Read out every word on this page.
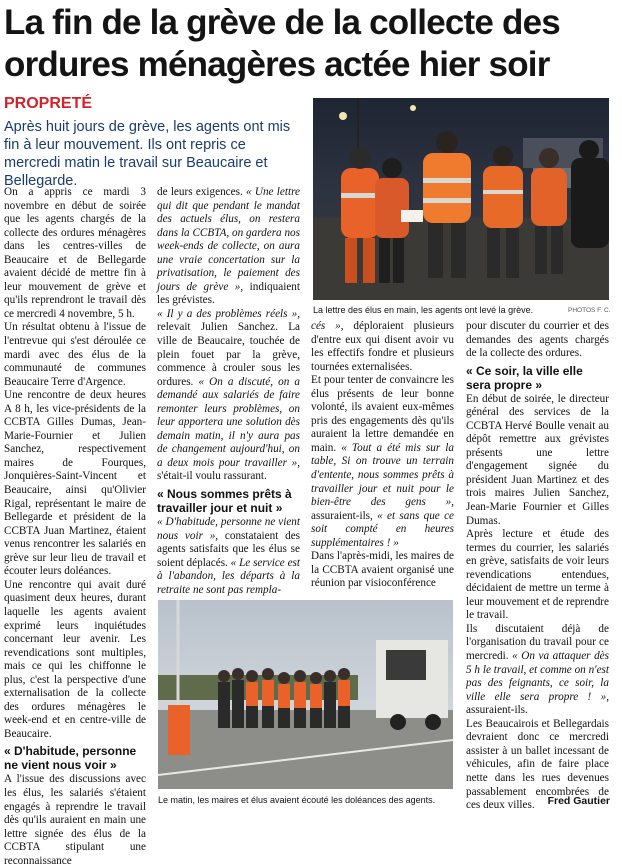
La fin de la grève de la collecte des ordures ménagères actée hier soir
PROPRETÉ

Après huit jours de grève, les agents ont mis fin à leur mouvement. Ils ont repris ce mercredi matin le travail sur Beaucaire et Bellegarde.

La lettre des élus en main, les agents ont levé la grève.	PHOTOS F. C.
Le matin, les maires et élus avaient écouté les doléances des agents.

On a appris ce mardi 3 novembre en début de soirée que les agents chargés de la collecte des ordures ménagères dans les centres-villes de Beaucaire et de Bellegarde avaient décidé de mettre fin à leur mouvement de grève et qu'ils reprendront le travail dès ce mercredi 4 novembre, 5 h.

Un résultat obtenu à l'issue de l'entrevue qui s'est déroulée ce mardi avec des élus de la communauté de communes Beaucaire Terre d'Argence.

Une rencontre de deux heures A 8 h, les vice-présidents de la CCBTA Gilles Dumas, Jean-Marie-Fournier et Julien Sanchez, respectivement maires de Fourques, Jonquières-Saint-Vincent et Beaucaire, ainsi qu'Olivier Rigal, représentant le maire de Bellegarde et président de la CCBTA Juan Martinez, étaient venus rencontrer les salariés en grève sur leur lieu de travail et écouter leurs doléances.

Une rencontre qui avait duré quasiment deux heures, durant laquelle les agents avaient exprimé leurs inquiétudes concernant leur avenir. Les revendications sont multiples, mais ce qui les chiffonne le plus, c'est la perspective d'une externalisation de la collecte des ordures ménagères le week-end et en centre-ville de Beaucaire.

« D'habitude, personne ne vient nous voir »

A l'issue des discussions avec les élus, les salariés s'étaient engagés à reprendre le travail dès qu'ils auraient en main une lettre signée des élus de la CCBTA stipulant une reconnaissance

de leurs exigences. « Une lettre qui dit que pendant le mandat des actuels élus, on restera dans la CCBTA, on gardera nos week-ends de collecte, on aura une vraie concertation sur la privatisation, le paiement des jours de grève », indiquaient les grévistes.

« Il y a des problèmes réels », relevait Julien Sanchez. La ville de Beaucaire, touchée de plein fouet par la grève, commence à crouler sous les ordures. « On a discuté, on a demandé aux salariés de faire remonter leurs problèmes, on leur apportera une solution dès demain matin, il n'y aura pas de changement aujourd'hui, on a deux mois pour travailler », s'était-il voulu rassurant.

« Nous sommes prêts à travailler jour et nuit »

« D'habitude, personne ne vient nous voir », constataient des agents satisfaits que les élus se soient déplacés. « Le service est à l'abandon, les départs à la retraite ne sont pas rempla-

cés », déploraient plusieurs d'entre eux qui disent avoir vu les effectifs fondre et plusieurs tournées externalisées.

Et pour tenter de convaincre les élus présents de leur bonne volonté, ils avaient eux-mêmes pris des engagements dès qu'ils auraient la lettre demandée en main. « Tout a été mis sur la table, Si on trouve un terrain d'entente, nous sommes prêts à travailler jour et nuit pour le bien-être des gens », assuraient-ils, « et sans que ce soit compté en heures supplémentaires ! »

Dans l'après-midi, les maires de la CCBTA avaient organisé une réunion par visioconférence

pour discuter du courrier et des demandes des agents chargés de la collecte des ordures.

« Ce soir, la ville elle sera propre »

En début de soirée, le directeur général des services de la CCBTA Hervé Boulle venait au dépôt remettre aux grévistes présents une lettre d'engagement signée du président Juan Martinez et des trois maires Julien Sanchez, Jean-Marie Fournier et Gilles Dumas.

Après lecture et étude des termes du courrier, les salariés en grève, satisfaits de voir leurs revendications entendues, décidaient de mettre un terme à leur mouvement et de reprendre le travail.

Ils discutaient déjà de l'organisation du travail pour ce mercredi. « On va attaquer dès 5 h le travail, et comme on n'est pas des feignants, ce soir, la ville elle sera propre ! », assuraient-ils.

Les Beaucairois et Bellegardais devraient donc ce mercredi assister à un ballet incessant de véhicules, afin de faire place nette dans les rues devenues passablement encombrées de ces deux villes.	Fred Gautier
